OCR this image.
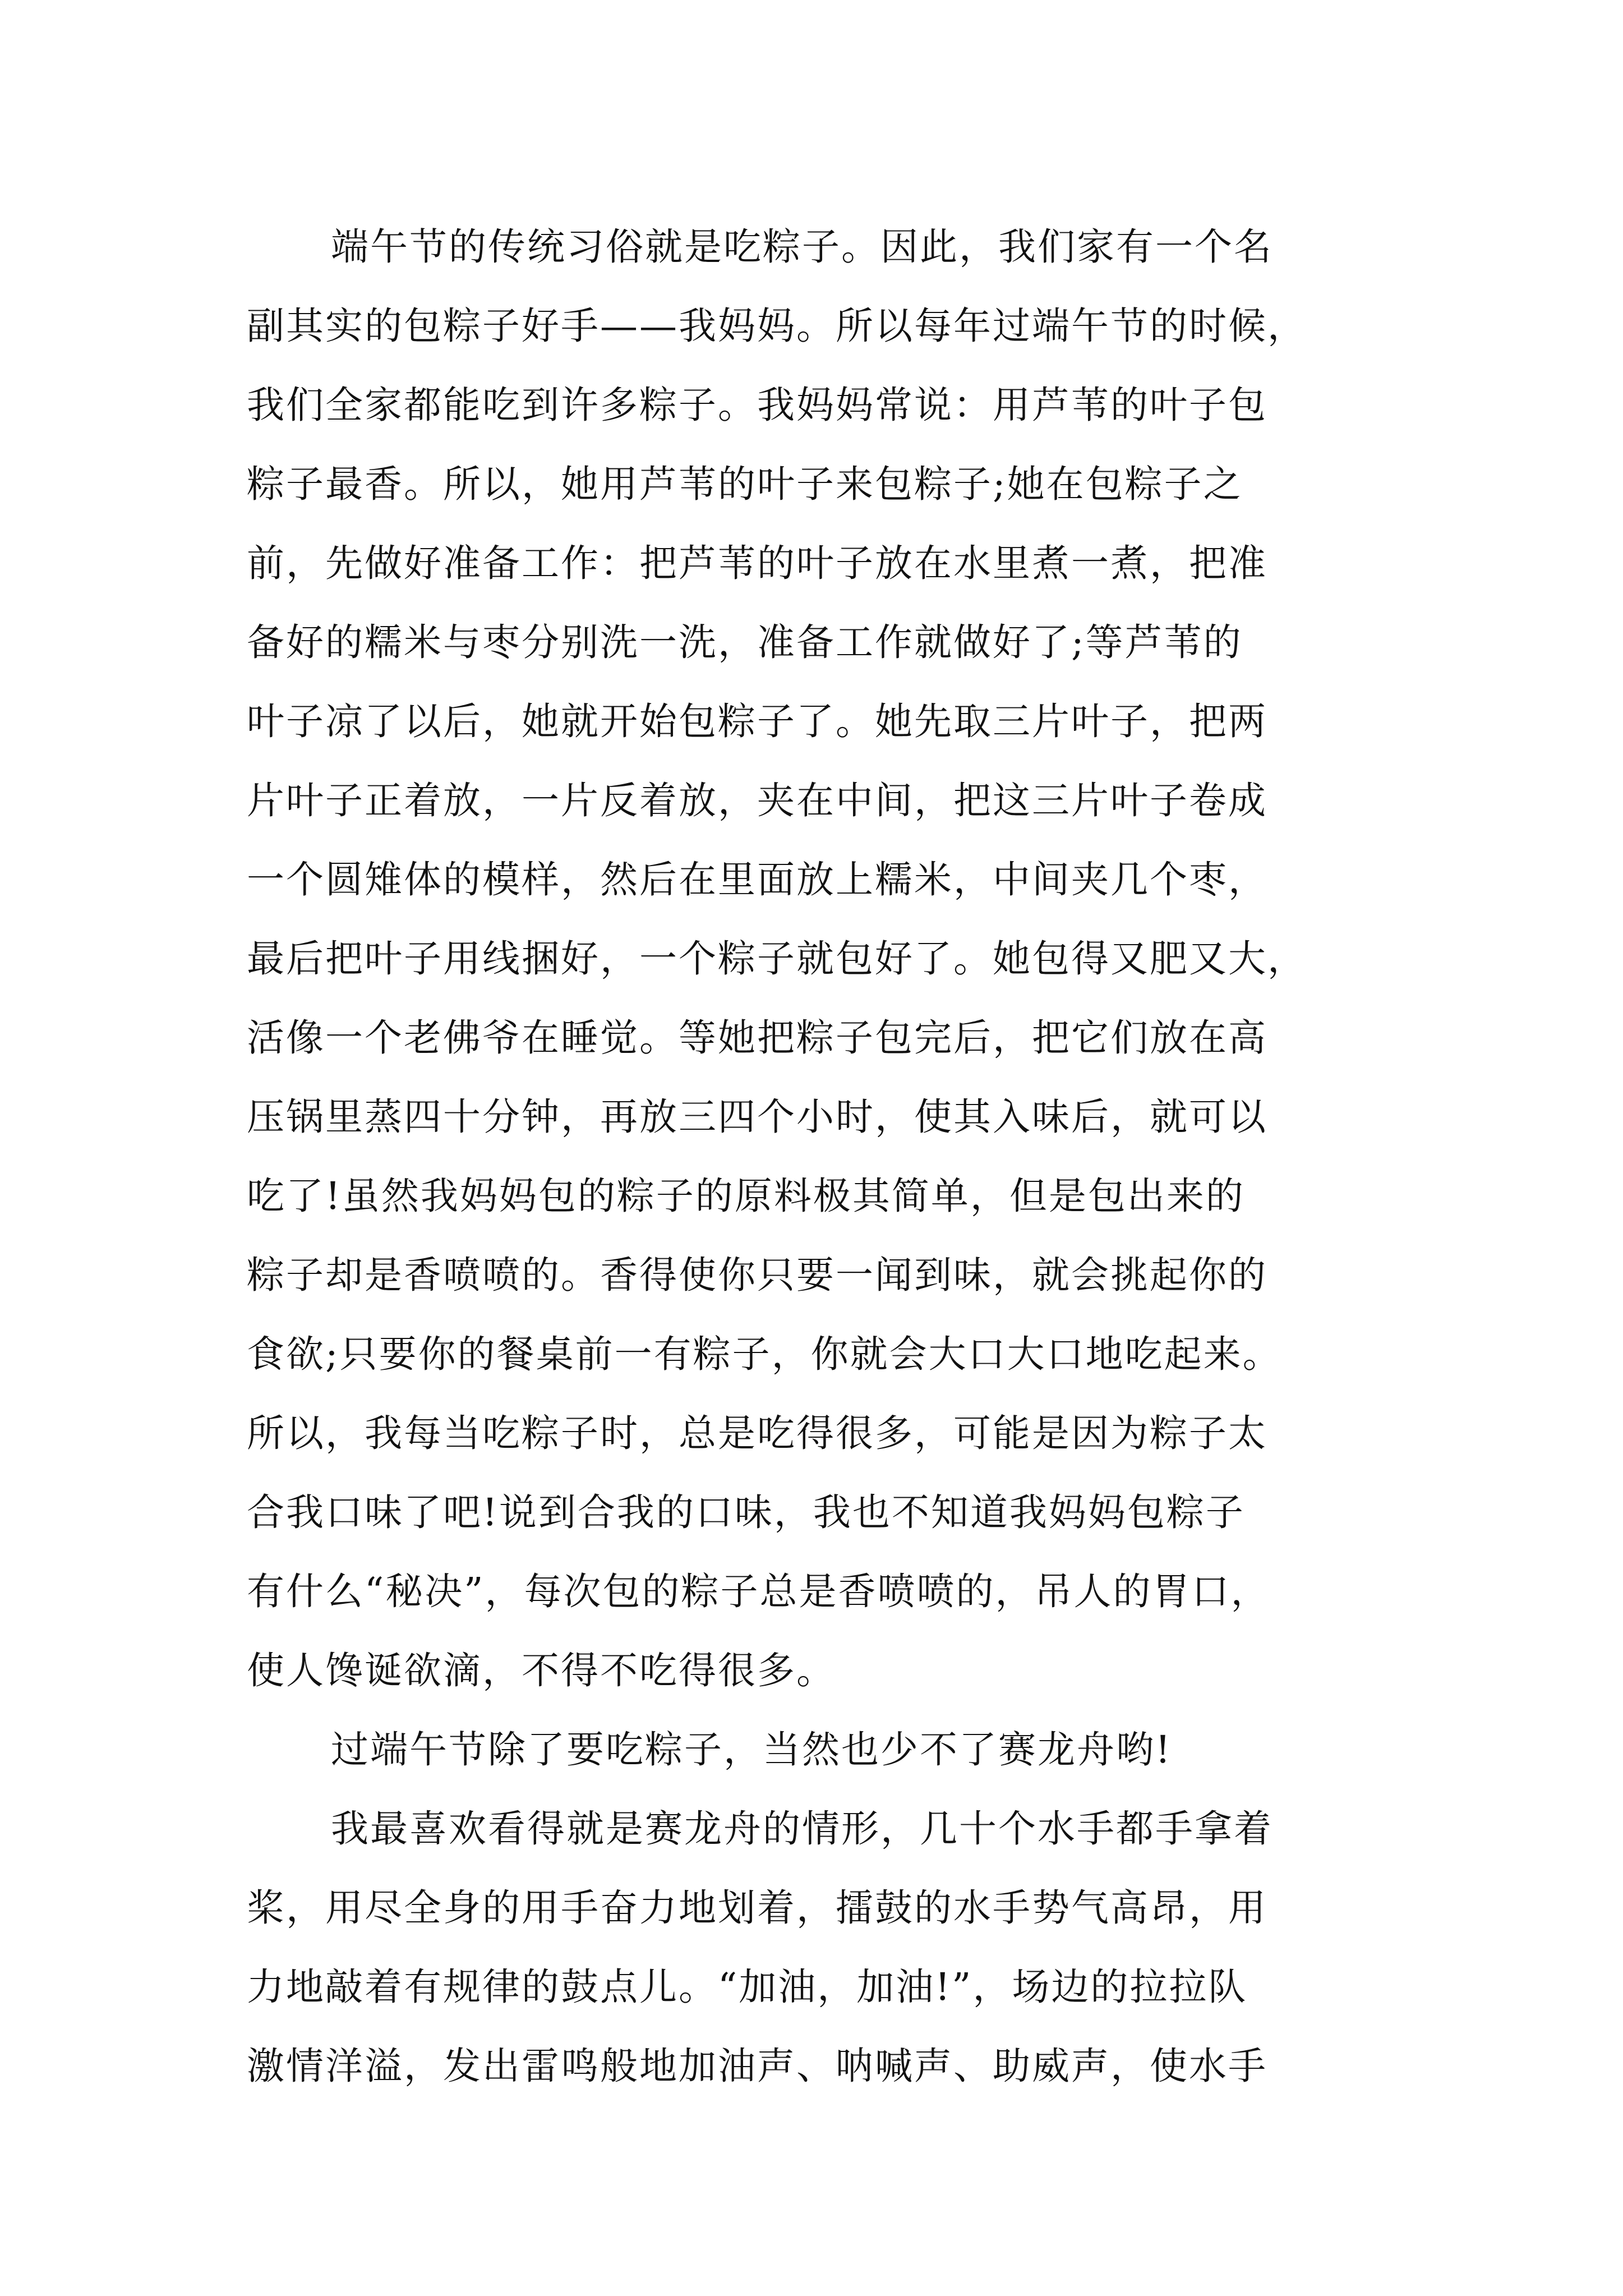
端午节的传统习俗就是吃粽子。因此，我们家有一个名
副其实的包粽子好手——我妈妈。所以每年过端午节的时候，
我们全家都能吃到许多粽子。我妈妈常说：用芦苇的叶子包
粽子最香。所以，她用芦苇的叶子来包粽子;她在包粽子之
前，先做好准备工作：把芦苇的叶子放在水里煮一煮，把准
备好的糯米与枣分别洗一洗，准备工作就做好了;等芦苇的
叶子凉了以后，她就开始包粽子了。她先取三片叶子，把两
片叶子正着放，一片反着放，夹在中间，把这三片叶子卷成
一个圆雉体的模样，然后在里面放上糯米，中间夹几个枣，
最后把叶子用线捆好，一个粽子就包好了。她包得又肥又大，
活像一个老佛爷在睡觉。等她把粽子包完后，把它们放在高
压锅里蒸四十分钟，再放三四个小时，使其入味后，就可以
吃了!虽然我妈妈包的粽子的原料极其简单，但是包出来的
粽子却是香喷喷的。香得使你只要一闻到味，就会挑起你的
食欲;只要你的餐桌前一有粽子，你就会大口大口地吃起来。
所以，我每当吃粽子时，总是吃得很多，可能是因为粽子太
合我口味了吧!说到合我的口味，我也不知道我妈妈包粽子
有什么“秘决”，每次包的粽子总是香喷喷的，吊人的胃口，
使人馋诞欲滴，不得不吃得很多。
过端午节除了要吃粽子，当然也少不了赛龙舟哟!
我最喜欢看得就是赛龙舟的情形，几十个水手都手拿着
桨，用尽全身的用手奋力地划着，擂鼓的水手势气高昂，用
力地敲着有规律的鼓点儿。“加油，加油!”，场边的拉拉队
激情洋溢，发出雷鸣般地加油声、呐喊声、助威声，使水手
